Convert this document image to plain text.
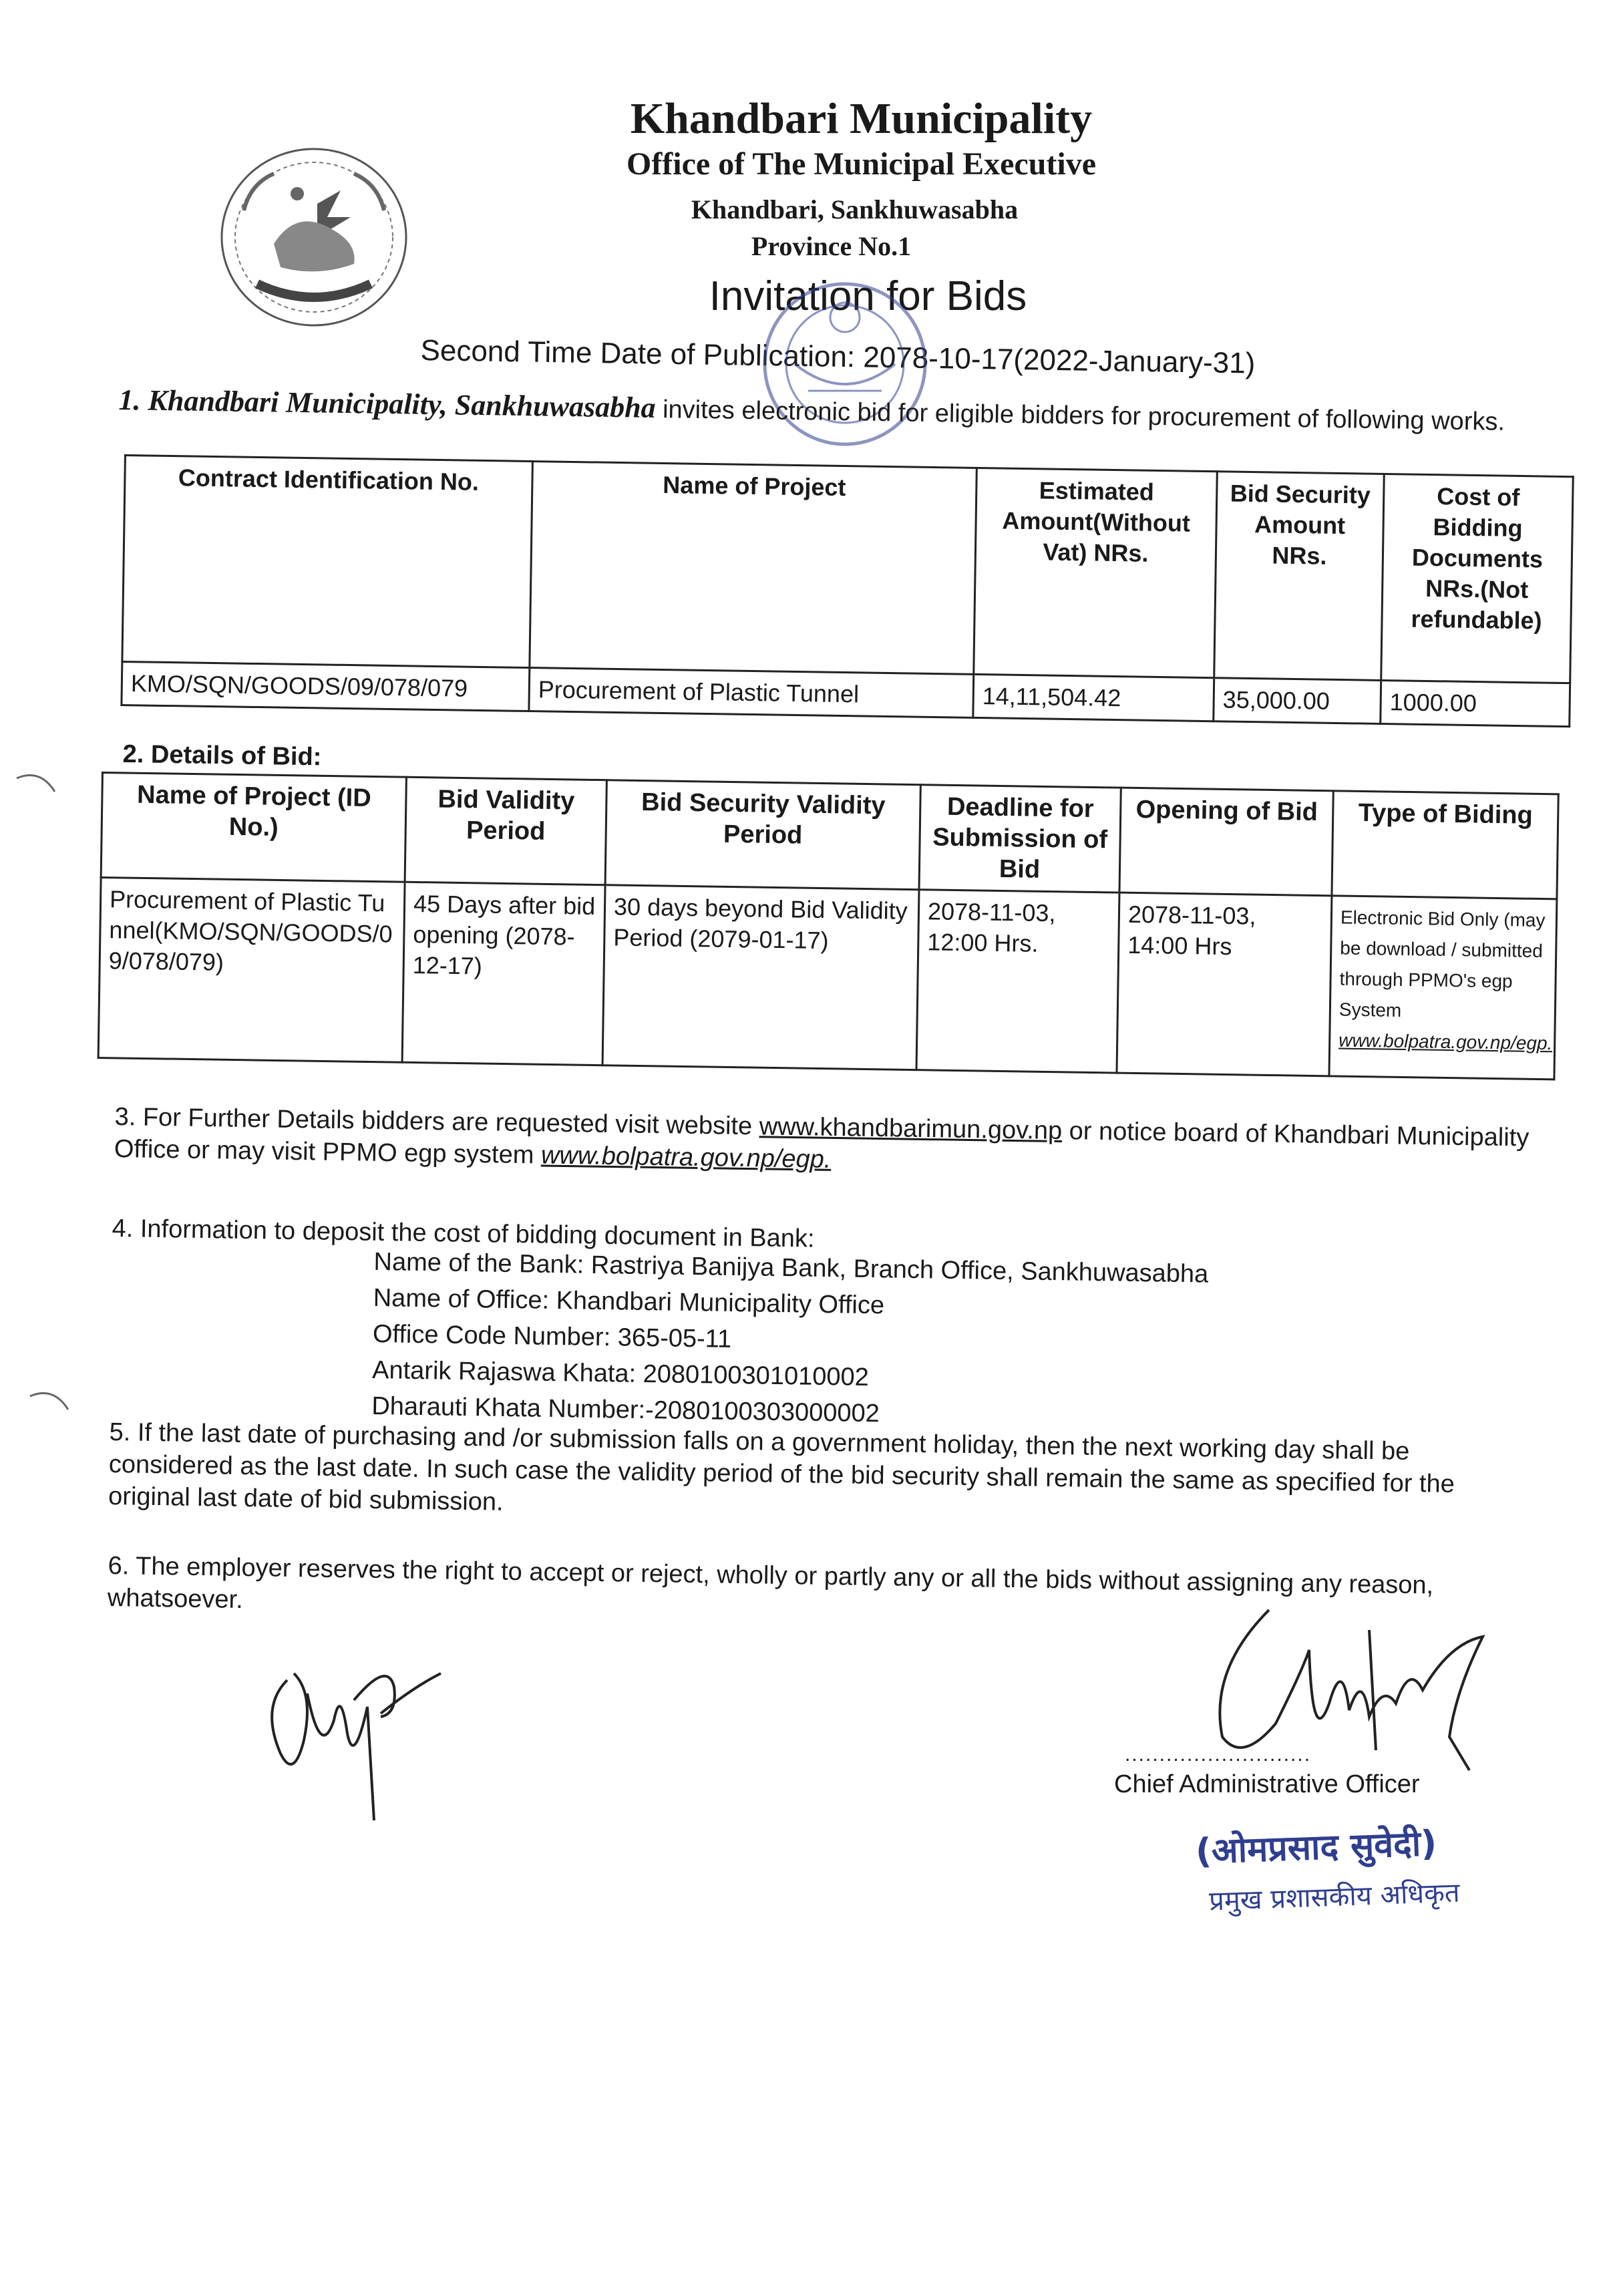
Khandbari Municipality
Office of The Municipal Executive
Khandbari, Sankhuwasabha
Province No.1
Invitation for Bids
Second Time Date of Publication: 2078-10-17(2022-January-31)
1. Khandbari Municipality, Sankhuwasabha invites electronic bid for eligible bidders for procurement of following works.
Contract Identification No.	Name of Project	Estimated Amount(Without Vat) NRs.	Bid Security Amount NRs.	Cost of Bidding Documents NRs.(Not refundable)
KMO/SQN/GOODS/09/078/079	Procurement of Plastic Tunnel	14,11,504.42	35,000.00	1000.00
2. Details of Bid:
Name of Project (ID No.)	Bid Validity Period	Bid Security Validity Period	Deadline for Submission of Bid	Opening of Bid	Type of Biding
Procurement of Plastic Tunnel(KMO/SQN/GOODS/09/078/079)	45 Days after bid opening (2078-12-17)	30 days beyond Bid Validity Period (2079-01-17)	2078-11-03, 12:00 Hrs.	2078-11-03, 14:00 Hrs	Electronic Bid Only (may be download / submitted through PPMO's egp System www.bolpatra.gov.np/egp.
3. For Further Details bidders are requested visit website www.khandbarimun.gov.np or notice board of Khandbari Municipality Office or may visit PPMO egp system www.bolpatra.gov.np/egp.
4. Information to deposit the cost of bidding document in Bank:
Name of the Bank: Rastriya Banijya Bank, Branch Office, Sankhuwasabha
Name of Office: Khandbari Municipality Office
Office Code Number: 365-05-11
Antarik Rajaswa Khata: 2080100301010002
Dharauti Khata Number:-2080100303000002
5. If the last date of purchasing and /or submission falls on a government holiday, then the next working day shall be considered as the last date. In such case the validity period of the bid security shall remain the same as specified for the original last date of bid submission.
6. The employer reserves the right to accept or reject, wholly or partly any or all the bids without assigning any reason, whatsoever.
...........................
Chief Administrative Officer
(ओमप्रसाद सुवेदी)
प्रमुख प्रशासकीय अधिकृत
